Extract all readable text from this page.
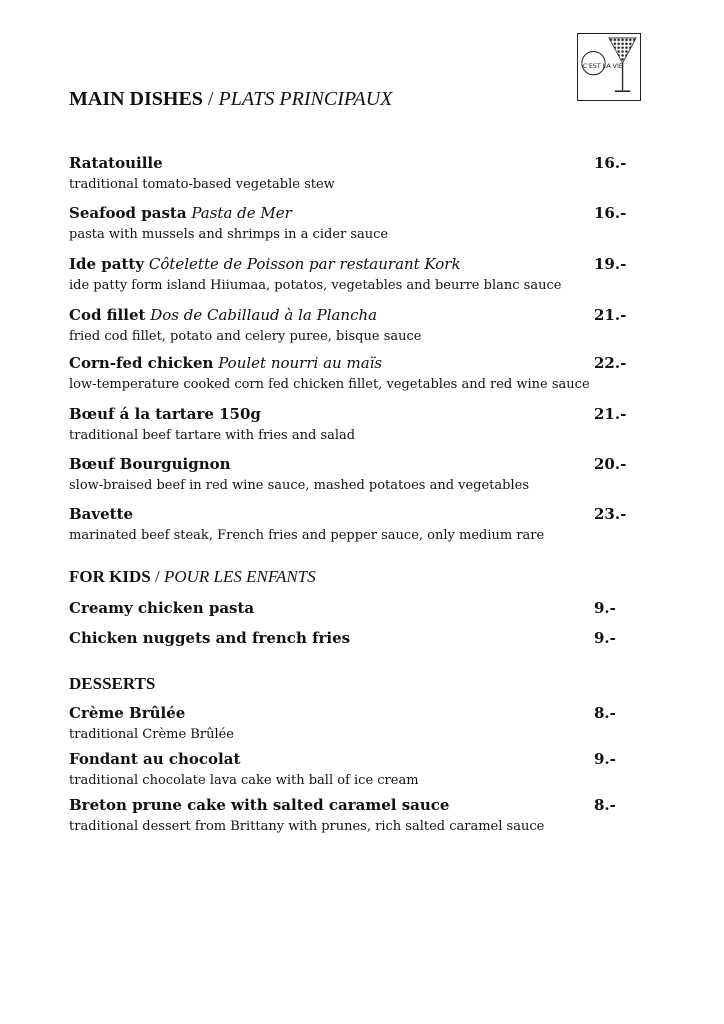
C'EST LA VIE
MAIN DISHES / PLATS PRINCIPAUX
Ratatouille	16.-
traditional tomato-based vegetable stew
Seafood pasta Pasta de Mer	16.-
pasta with mussels and shrimps in a cider sauce
Ide patty Côtelette de Poisson par restaurant Kork	19.-
ide patty form island Hiiumaa, potatos, vegetables and beurre blanc sauce
Cod fillet Dos de Cabillaud à la Plancha	21.-
fried cod fillet, potato and celery puree, bisque sauce
Corn-fed chicken Poulet nourri au maïs	22.-
low-temperature cooked corn fed chicken fillet, vegetables and red wine sauce
Bœuf á la tartare 150g	21.-
traditional beef tartare with fries and salad
Bœuf Bourguignon	20.-
slow-braised beef in red wine sauce, mashed potatoes and vegetables
Bavette	23.-
marinated beef steak, French fries and pepper sauce, only medium rare
FOR KIDS / POUR LES ENFANTS
Creamy chicken pasta	9.-
Chicken nuggets and french fries	9.-
DESSERTS
Crème Brûlée	8.-
traditional Crème Brûlée
Fondant au chocolat	9.-
traditional chocolate lava cake with ball of ice cream
Breton prune cake with salted caramel sauce	8.-
traditional dessert from Brittany with prunes, rich salted caramel sauce
